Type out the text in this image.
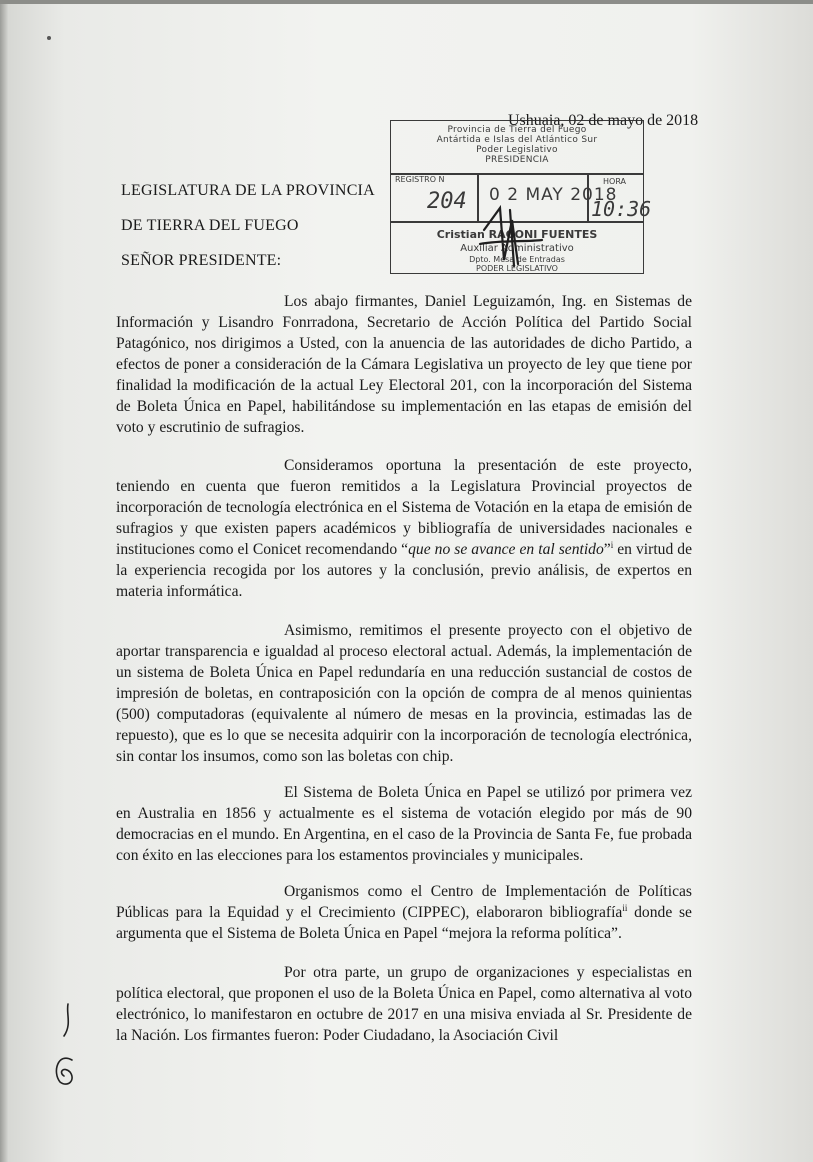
Ushuaia, 02 de mayo de 2018
LEGISLATURA DE LA PROVINCIA
DE TIERRA DEL FUEGO
SEÑOR PRESIDENTE:
Provincia de Tierra del Fuego
Antártida e Islas del Atlántico Sur
Poder Legislativo
PRESIDENCIA
REGISTRO N	HORA
204 0 2 MAY 2018
10:36
Cristian RAGONI FUENTES
Auxiliar Administrativo
Dpto. Mesa de Entradas
PODER LEGISLATIVO

Los abajo firmantes, Daniel Leguizamón, Ing. en Sistemas de Información y Lisandro Fonrradona, Secretario de Acción Política del Partido Social Patagónico, nos dirigimos a Usted, con la anuencia de las autoridades de dicho Partido, a efectos de poner a consideración de la Cámara Legislativa un proyecto de ley que tiene por finalidad la modificación de la actual Ley Electoral 201, con la incorporación del Sistema de Boleta Única en Papel, habilitándose su implementación en las etapas de emisión del voto y escrutinio de sufragios.

Consideramos oportuna la presentación de este proyecto, teniendo en cuenta que fueron remitidos a la Legislatura Provincial proyectos de incorporación de tecnología electrónica en el Sistema de Votación en la etapa de emisión de sufragios y que existen papers académicos y bibliografía de universidades nacionales e instituciones como el Conicet recomendando “que no se avance en tal sentido”$^i$ en virtud de la experiencia recogida por los autores y la conclusión, previo análisis, de expertos en materia informática.

Asimismo, remitimos el presente proyecto con el objetivo de aportar transparencia e igualdad al proceso electoral actual. Además, la implementación de un sistema de Boleta Única en Papel redundaría en una reducción sustancial de costos de impresión de boletas, en contraposición con la opción de compra de al menos quinientas (500) computadoras (equivalente al número de mesas en la provincia, estimadas las de repuesto), que es lo que se necesita adquirir con la incorporación de tecnología electrónica, sin contar los insumos, como son las boletas con chip.

El Sistema de Boleta Única en Papel se utilizó por primera vez en Australia en 1856 y actualmente es el sistema de votación elegido por más de 90 democracias en el mundo. En Argentina, en el caso de la Provincia de Santa Fe, fue probada con éxito en las elecciones para los estamentos provinciales y municipales.

Organismos como el Centro de Implementación de Políticas Públicas para la Equidad y el Crecimiento (CIPPEC), elaboraron bibliografía$^{ii}$ donde se argumenta que el Sistema de Boleta Única en Papel “mejora la reforma política”.

Por otra parte, un grupo de organizaciones y especialistas en política electoral, que proponen el uso de la Boleta Única en Papel, como alternativa al voto electrónico, lo manifestaron en octubre de 2017 en una misiva enviada al Sr. Presidente de la Nación. Los firmantes fueron: Poder Ciudadano, la Asociación Civil
